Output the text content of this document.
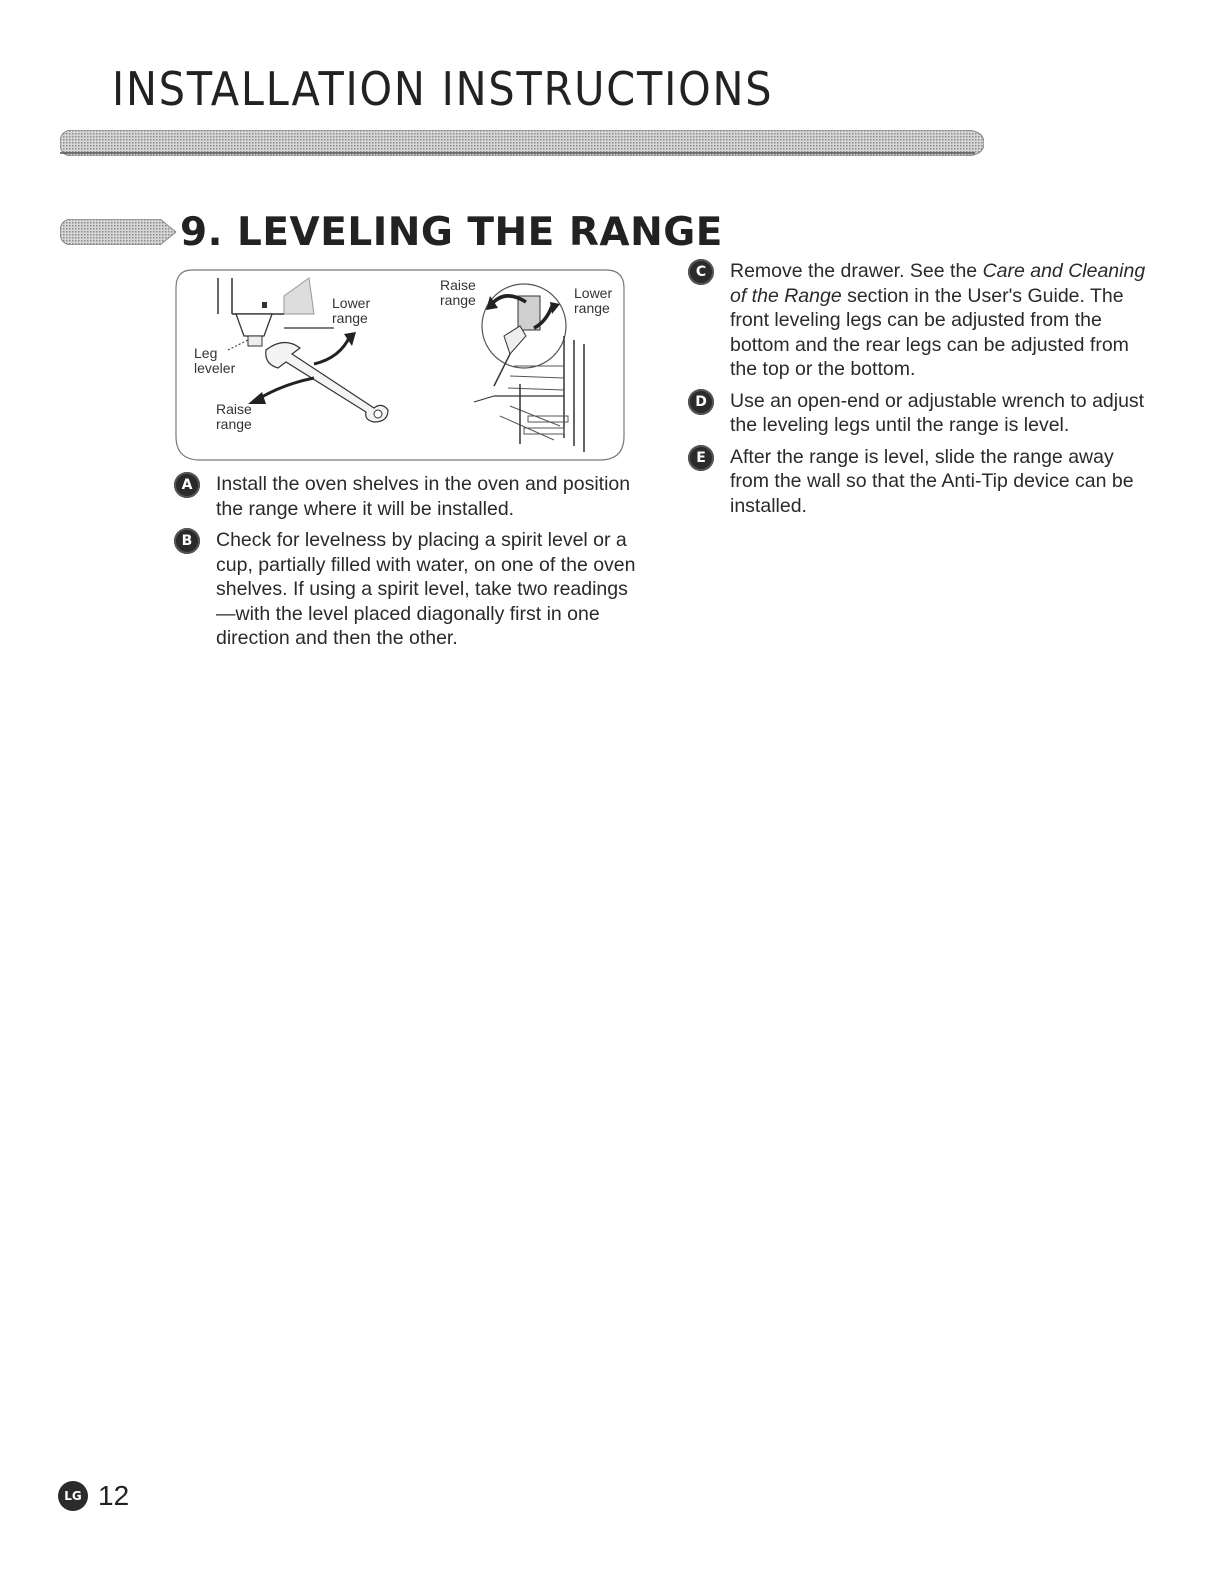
INSTALLATION INSTRUCTIONS
9. LEVELING THE RANGE
Lower
range
Leg
leveler
Raise
range
Raise
range	Lower
range
A	Install the oven shelves in the oven and position the range where it will be installed.
B	Check for levelness by placing a spirit level or a cup, partially filled with water, on one of the oven shelves. If using a spirit level, take two readings—with the level placed diagonally first in one direction and then the other.
C	Remove the drawer. See the Care and Cleaning of the Range section in the User's Guide. The front leveling legs can be adjusted from the bottom and the rear legs can be adjusted from the top or the bottom.
D	Use an open-end or adjustable wrench to adjust the leveling legs until the range is level.
E	After the range is level, slide the range away from the wall so that the Anti-Tip device can be installed.
LG 12
